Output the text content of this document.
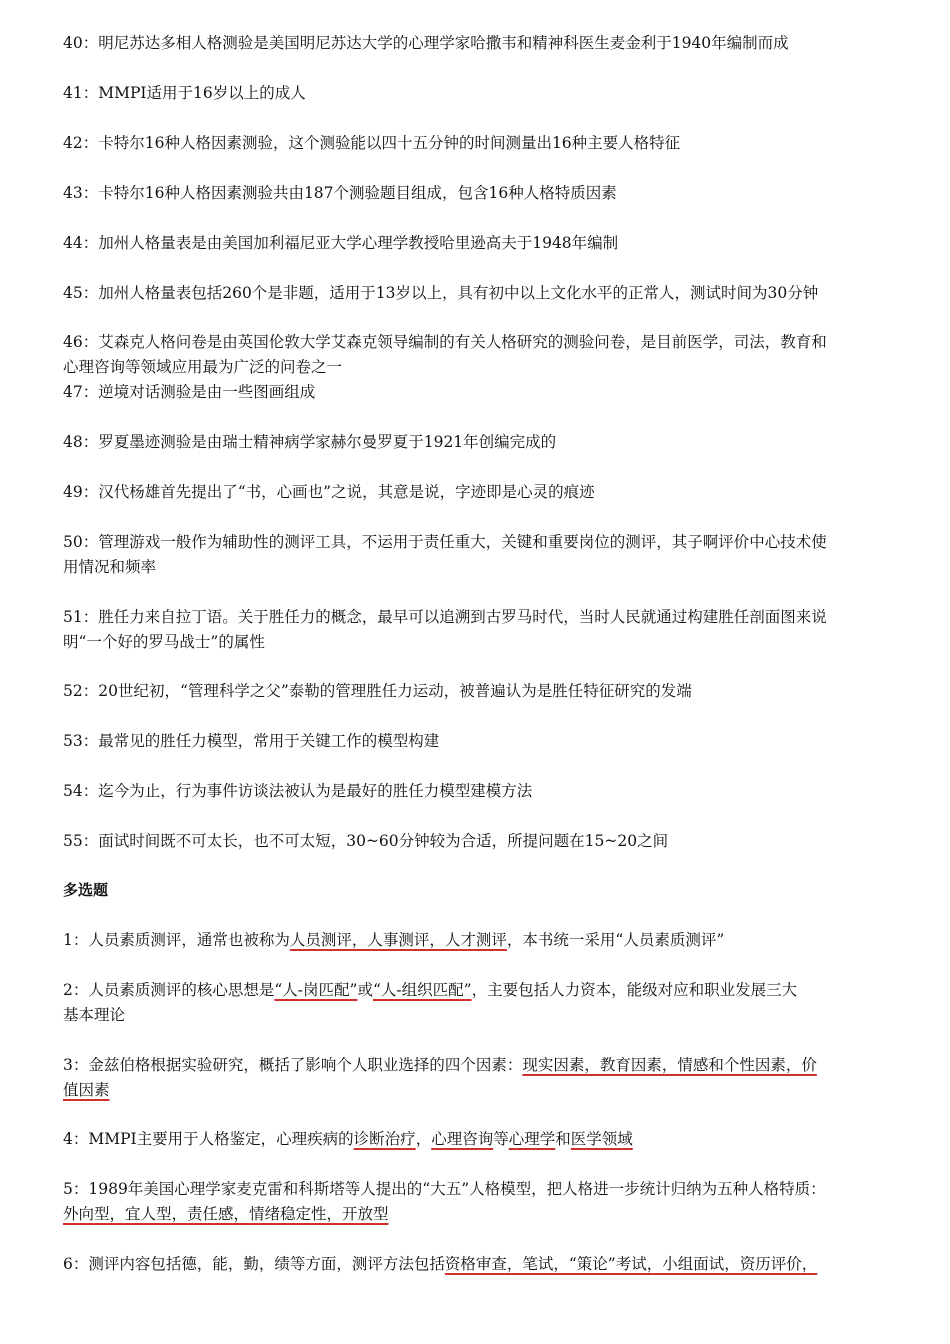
40：明尼苏达多相人格测验是美国明尼苏达大学的心理学家哈撒韦和精神科医生麦金利于1940年编制而成
41：MMPI适用于16岁以上的成人
42：卡特尔16种人格因素测验，这个测验能以四十五分钟的时间测量出16种主要人格特征
43：卡特尔16种人格因素测验共由187个测验题目组成，包含16种人格特质因素
44：加州人格量表是由美国加利福尼亚大学心理学教授哈里逊高夫于1948年编制
45：加州人格量表包括260个是非题，适用于13岁以上，具有初中以上文化水平的正常人，测试时间为30分钟
46：艾森克人格问卷是由英国伦敦大学艾森克领导编制的有关人格研究的测验问卷，是目前医学，司法，教育和
心理咨询等领域应用最为广泛的问卷之一
47：逆境对话测验是由一些图画组成
48：罗夏墨迹测验是由瑞士精神病学家赫尔曼罗夏于1921年创编完成的
49：汉代杨雄首先提出了“书，心画也”之说，其意是说，字迹即是心灵的痕迹
50：管理游戏一般作为辅助性的测评工具，不运用于责任重大，关键和重要岗位的测评，其子啊评价中心技术使
用情况和频率
51：胜任力来自拉丁语。关于胜任力的概念，最早可以追溯到古罗马时代，当时人民就通过构建胜任剖面图来说
明“一个好的罗马战士”的属性
52：20世纪初，“管理科学之父”泰勒的管理胜任力运动，被普遍认为是胜任特征研究的发端
53：最常见的胜任力模型，常用于关键工作的模型构建
54：迄今为止，行为事件访谈法被认为是最好的胜任力模型建模方法
55：面试时间既不可太长，也不可太短，30~60分钟较为合适，所提问题在15~20之间
多选题
1：人员素质测评，通常也被称为人员测评，人事测评，人才测评，本书统一采用“人员素质测评”
2：人员素质测评的核心思想是“人-岗匹配”或“人-组织匹配”，主要包括人力资本，能级对应和职业发展三大
基本理论
3：金兹伯格根据实验研究，概括了影响个人职业选择的四个因素：现实因素，教育因素，情感和个性因素，价
值因素
4：MMPI主要用于人格鉴定，心理疾病的诊断治疗，心理咨询等心理学和医学领域
5：1989年美国心理学家麦克雷和科斯塔等人提出的“大五”人格模型，把人格进一步统计归纳为五种人格特质：
外向型，宜人型，责任感，情绪稳定性，开放型
6：测评内容包括德，能，勤，绩等方面，测评方法包括资格审查，笔试，“策论”考试，小组面试，资历评价，
